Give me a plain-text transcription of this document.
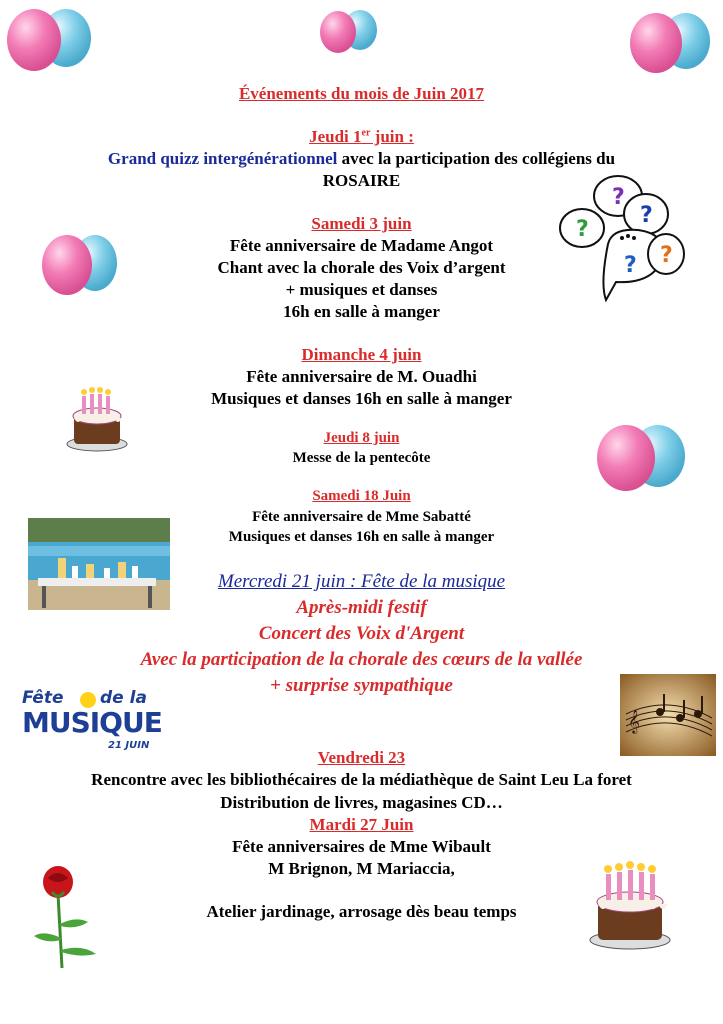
?
?
?
? ?
Fête de la
MUSIQUE
21 JUIN
𝄞
Événements du mois de Juin 2017
Jeudi 1er juin :
Grand quizz intergénérationnel avec la participation des collégiens du
ROSAIRE
Samedi 3 juin
Fête anniversaire de Madame Angot
Chant avec la chorale des Voix d’argent
+ musiques et danses
16h en salle à manger
Dimanche 4 juin
Fête anniversaire de M. Ouadhi
Musiques et danses 16h en salle à manger
Jeudi 8 juin
Messe de la pentecôte
Samedi 18 Juin
Fête anniversaire de Mme Sabatté
Musiques et danses 16h en salle à manger
Mercredi 21 juin : Fête de la musique
Après-midi festif
Concert des Voix d'Argent
Avec la participation de la chorale des cœurs de la vallée
+ surprise sympathique
Vendredi 23
Rencontre avec les bibliothécaires de la médiathèque de Saint Leu La foret
Distribution de livres, magasines CD…
Mardi 27 Juin
Fête anniversaires de Mme Wibault
M Brignon, M Mariaccia,
Atelier jardinage, arrosage dès beau temps
